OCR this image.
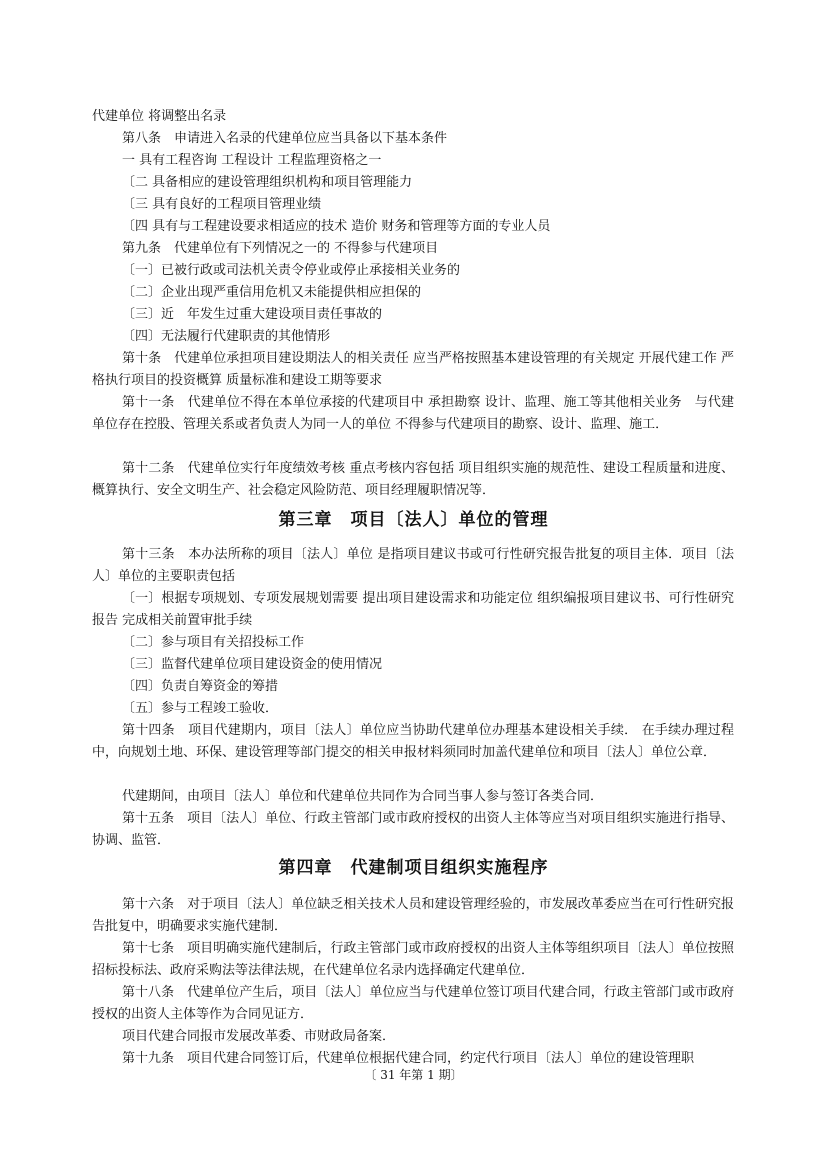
代建单位 将调整出名录
第八条　申请进入名录的代建单位应当具备以下基本条件
一 具有工程咨询 工程设计 工程监理资格之一
〔二 具备相应的建设管理组织机构和项目管理能力
〔三 具有良好的工程项目管理业绩
〔四 具有与工程建设要求相适应的技术 造价 财务和管理等方面的专业人员
第九条　代建单位有下列情况之一的 不得参与代建项目
〔一〕已被行政或司法机关责令停业或停止承接相关业务的
〔二〕企业出现严重信用危机又未能提供相应担保的
〔三〕近　年发生过重大建设项目责任事故的
〔四〕无法履行代建职责的其他情形
第十条　代建单位承担项目建设期法人的相关责任 应当严格按照基本建设管理的有关规定 开展代建工作 严格执行项目的投资概算 质量标准和建设工期等要求
第十一条　代建单位不得在本单位承接的代建项目中 承担勘察 设计、监理、施工等其他相关业务　与代建单位存在控股、管理关系或者负责人为同一人的单位 不得参与代建项目的勘察、设计、监理、施工．
第十二条　代建单位实行年度绩效考核 重点考核内容包括 项目组织实施的规范性、建设工程质量和进度、概算执行、安全文明生产、社会稳定风险防范、项目经理履职情况等．
第三章　项目〔法人〕单位的管理
第十三条　本办法所称的项目〔法人〕单位 是指项目建议书或可行性研究报告批复的项目主体．项目〔法人〕单位的主要职责包括
〔一〕根据专项规划、专项发展规划需要 提出项目建设需求和功能定位 组织编报项目建议书、可行性研究报告 完成相关前置审批手续
〔二〕参与项目有关招投标工作
〔三〕监督代建单位项目建设资金的使用情况
〔四〕负责自筹资金的筹措
〔五〕参与工程竣工验收．
第十四条　项目代建期内，项目〔法人〕单位应当协助代建单位办理基本建设相关手续． 在手续办理过程中，向规划土地、环保、建设管理等部门提交的相关申报材料须同时加盖代建单位和项目〔法人〕单位公章．
代建期间，由项目〔法人〕单位和代建单位共同作为合同当事人参与签订各类合同．
第十五条　项目〔法人〕单位、行政主管部门或市政府授权的出资人主体等应当对项目组织实施进行指导、协调、监管．
第四章　代建制项目组织实施程序
第十六条　对于项目〔法人〕单位缺乏相关技术人员和建设管理经验的，市发展改革委应当在可行性研究报告批复中，明确要求实施代建制．
第十七条　项目明确实施代建制后，行政主管部门或市政府授权的出资人主体等组织项目〔法人〕单位按照招标投标法、政府采购法等法律法规，在代建单位名录内选择确定代建单位．
第十八条　代建单位产生后，项目〔法人〕单位应当与代建单位签订项目代建合同，行政主管部门或市政府授权的出资人主体等作为合同见证方．
项目代建合同报市发展改革委、市财政局备案．
第十九条　项目代建合同签订后，代建单位根据代建合同，约定代行项目〔法人〕单位的建设管理职
〔 31 年第 1 期〕
